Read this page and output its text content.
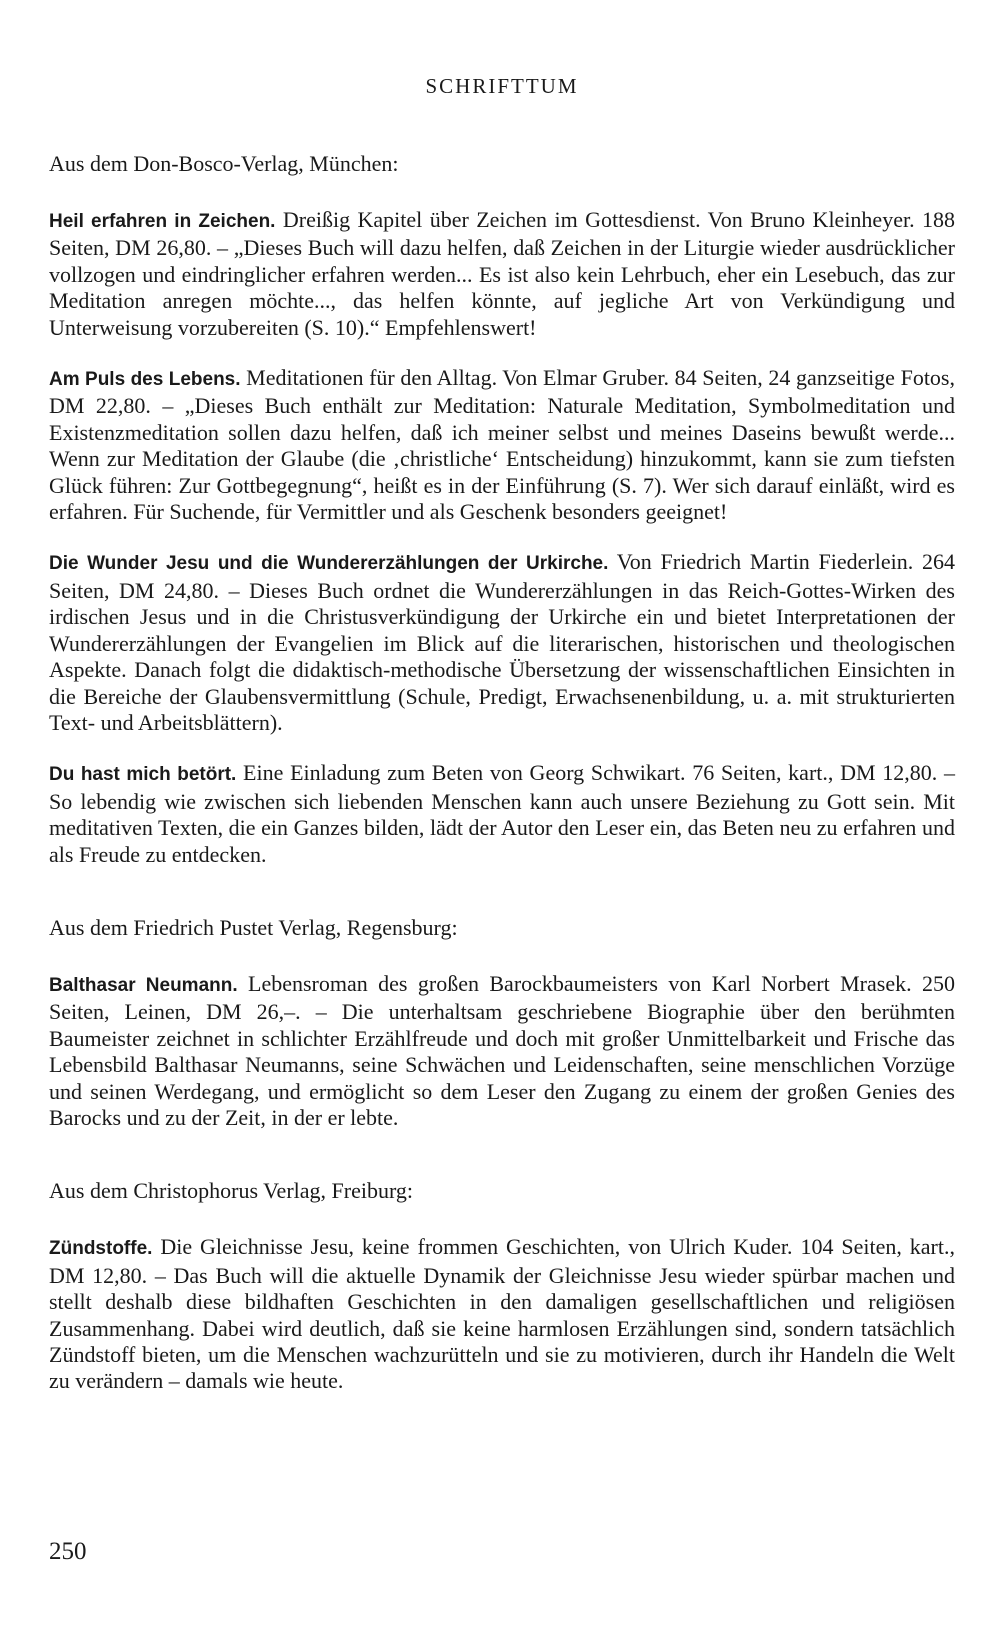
SCHRIFTTUM

Aus dem Don-Bosco-Verlag, München:

Heil erfahren in Zeichen. Dreißig Kapitel über Zeichen im Gottesdienst. Von Bruno Kleinheyer. 188 Seiten, DM 26,80. – „Dieses Buch will dazu helfen, daß Zeichen in der Liturgie wieder ausdrücklicher vollzogen und eindringlicher erfahren werden... Es ist also kein Lehrbuch, eher ein Lesebuch, das zur Meditation anregen möchte..., das helfen könnte, auf jegliche Art von Verkündigung und Unterweisung vorzubereiten (S. 10).“ Empfehlenswert!

Am Puls des Lebens. Meditationen für den Alltag. Von Elmar Gruber. 84 Seiten, 24 ganzseitige Fotos, DM 22,80. – „Dieses Buch enthält zur Meditation: Naturale Meditation, Symbolmeditation und Existenzmeditation sollen dazu helfen, daß ich meiner selbst und meines Daseins bewußt werde... Wenn zur Meditation der Glaube (die ‚christliche‘ Entscheidung) hinzukommt, kann sie zum tiefsten Glück führen: Zur Gottbegegnung“, heißt es in der Einführung (S. 7). Wer sich darauf einläßt, wird es erfahren. Für Suchende, für Vermittler und als Geschenk besonders geeignet!

Die Wunder Jesu und die Wundererzählungen der Urkirche. Von Friedrich Martin Fiederlein. 264 Seiten, DM 24,80. – Dieses Buch ordnet die Wundererzählungen in das Reich-Gottes-Wirken des irdischen Jesus und in die Christusverkündigung der Urkirche ein und bietet Interpretationen der Wundererzählungen der Evangelien im Blick auf die literarischen, historischen und theologischen Aspekte. Danach folgt die didaktisch-methodische Übersetzung der wissenschaftlichen Einsichten in die Bereiche der Glaubensvermittlung (Schule, Predigt, Erwachsenenbildung, u. a. mit strukturierten Text- und Arbeitsblättern).

Du hast mich betört. Eine Einladung zum Beten von Georg Schwikart. 76 Seiten, kart., DM 12,80. – So lebendig wie zwischen sich liebenden Menschen kann auch unsere Beziehung zu Gott sein. Mit meditativen Texten, die ein Ganzes bilden, lädt der Autor den Leser ein, das Beten neu zu erfahren und als Freude zu entdecken.

Aus dem Friedrich Pustet Verlag, Regensburg:

Balthasar Neumann. Lebensroman des großen Barockbaumeisters von Karl Norbert Mrasek. 250 Seiten, Leinen, DM 26,–. – Die unterhaltsam geschriebene Biographie über den berühmten Baumeister zeichnet in schlichter Erzählfreude und doch mit großer Unmittelbarkeit und Frische das Lebensbild Balthasar Neumanns, seine Schwächen und Leidenschaften, seine menschlichen Vorzüge und seinen Werdegang, und ermöglicht so dem Leser den Zugang zu einem der großen Genies des Barocks und zu der Zeit, in der er lebte.

Aus dem Christophorus Verlag, Freiburg:

Zündstoffe. Die Gleichnisse Jesu, keine frommen Geschichten, von Ulrich Kuder. 104 Seiten, kart., DM 12,80. – Das Buch will die aktuelle Dynamik der Gleichnisse Jesu wieder spürbar machen und stellt deshalb diese bildhaften Geschichten in den damaligen gesellschaftlichen und religiösen Zusammenhang. Dabei wird deutlich, daß sie keine harmlosen Erzählungen sind, sondern tatsächlich Zündstoff bieten, um die Menschen wachzurütteln und sie zu motivieren, durch ihr Handeln die Welt zu verändern – damals wie heute.

250
